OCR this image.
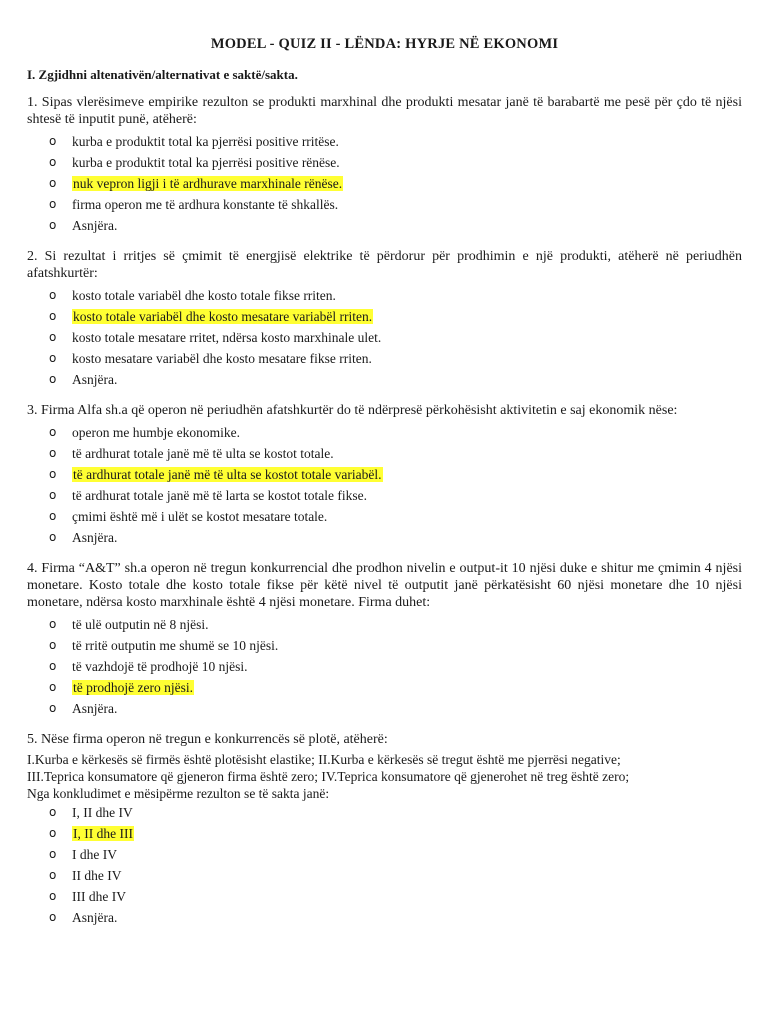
MODEL - QUIZ II - LËNDA: HYRJE NË EKONOMI

I. Zgjidhni altenativën/alternativat e saktë/sakta.

1. Sipas vlerësimeve empirike rezulton se produkti marxhinal dhe produkti mesatar janë të barabartë me pesë për çdo të njësi shtesë të inputit punë, atëherë:

o kurba e produktit total ka pjerrësi positive rritëse.
o kurba e produktit total ka pjerrësi positive rënëse.
o nuk vepron ligji i të ardhurave marxhinale rënëse.
o firma operon me të ardhura konstante të shkallës.
o Asnjëra.

2. Si rezultat i rritjes së çmimit të energjisë elektrike të përdorur për prodhimin e një produkti, atëherë në periudhën afatshkurtër:

o kosto totale variabël dhe kosto totale fikse rriten.
o kosto totale variabël dhe kosto mesatare variabël rriten.
o kosto totale mesatare rritet, ndërsa kosto marxhinale ulet.
o kosto mesatare variabël dhe kosto mesatare fikse rriten.
o Asnjëra.

3. Firma Alfa sh.a që operon në periudhën afatshkurtër do të ndërpresë përkohësisht aktivitetin e saj ekonomik nëse:

o operon me humbje ekonomike.
o të ardhurat totale janë më të ulta se kostot totale.
o të ardhurat totale janë më të ulta se kostot totale variabël.
o të ardhurat totale janë më të larta se kostot totale fikse.
o çmimi është më i ulët se kostot mesatare totale.
o Asnjëra.

4. Firma “A&T” sh.a operon në tregun konkurrencial dhe prodhon nivelin e output-it 10 njësi duke e shitur me çmimin 4 njësi monetare. Kosto totale dhe kosto totale fikse për këtë nivel të outputit janë përkatësisht 60 njësi monetare dhe 10 njësi monetare, ndërsa kosto marxhinale është 4 njësi monetare. Firma duhet:

o të ulë outputin në 8 njësi.
o të rritë outputin me shumë se 10 njësi.
o të vazhdojë të prodhojë 10 njësi.
o të prodhojë zero njësi.
o Asnjëra.

5. Nëse firma operon në tregun e konkurrencës së plotë, atëherë:

I.Kurba e kërkesës së firmës është plotësisht elastike; II.Kurba e kërkesës së tregut është me pjerrësi negative;

III.Teprica konsumatore që gjeneron firma është zero; IV.Teprica konsumatore që gjenerohet në treg është zero;

Nga konkludimet e mësipërme rezulton se të sakta janë:

o I, II dhe IV
o I, II dhe III
o I dhe IV
o II dhe IV
o III dhe IV
o Asnjëra.
